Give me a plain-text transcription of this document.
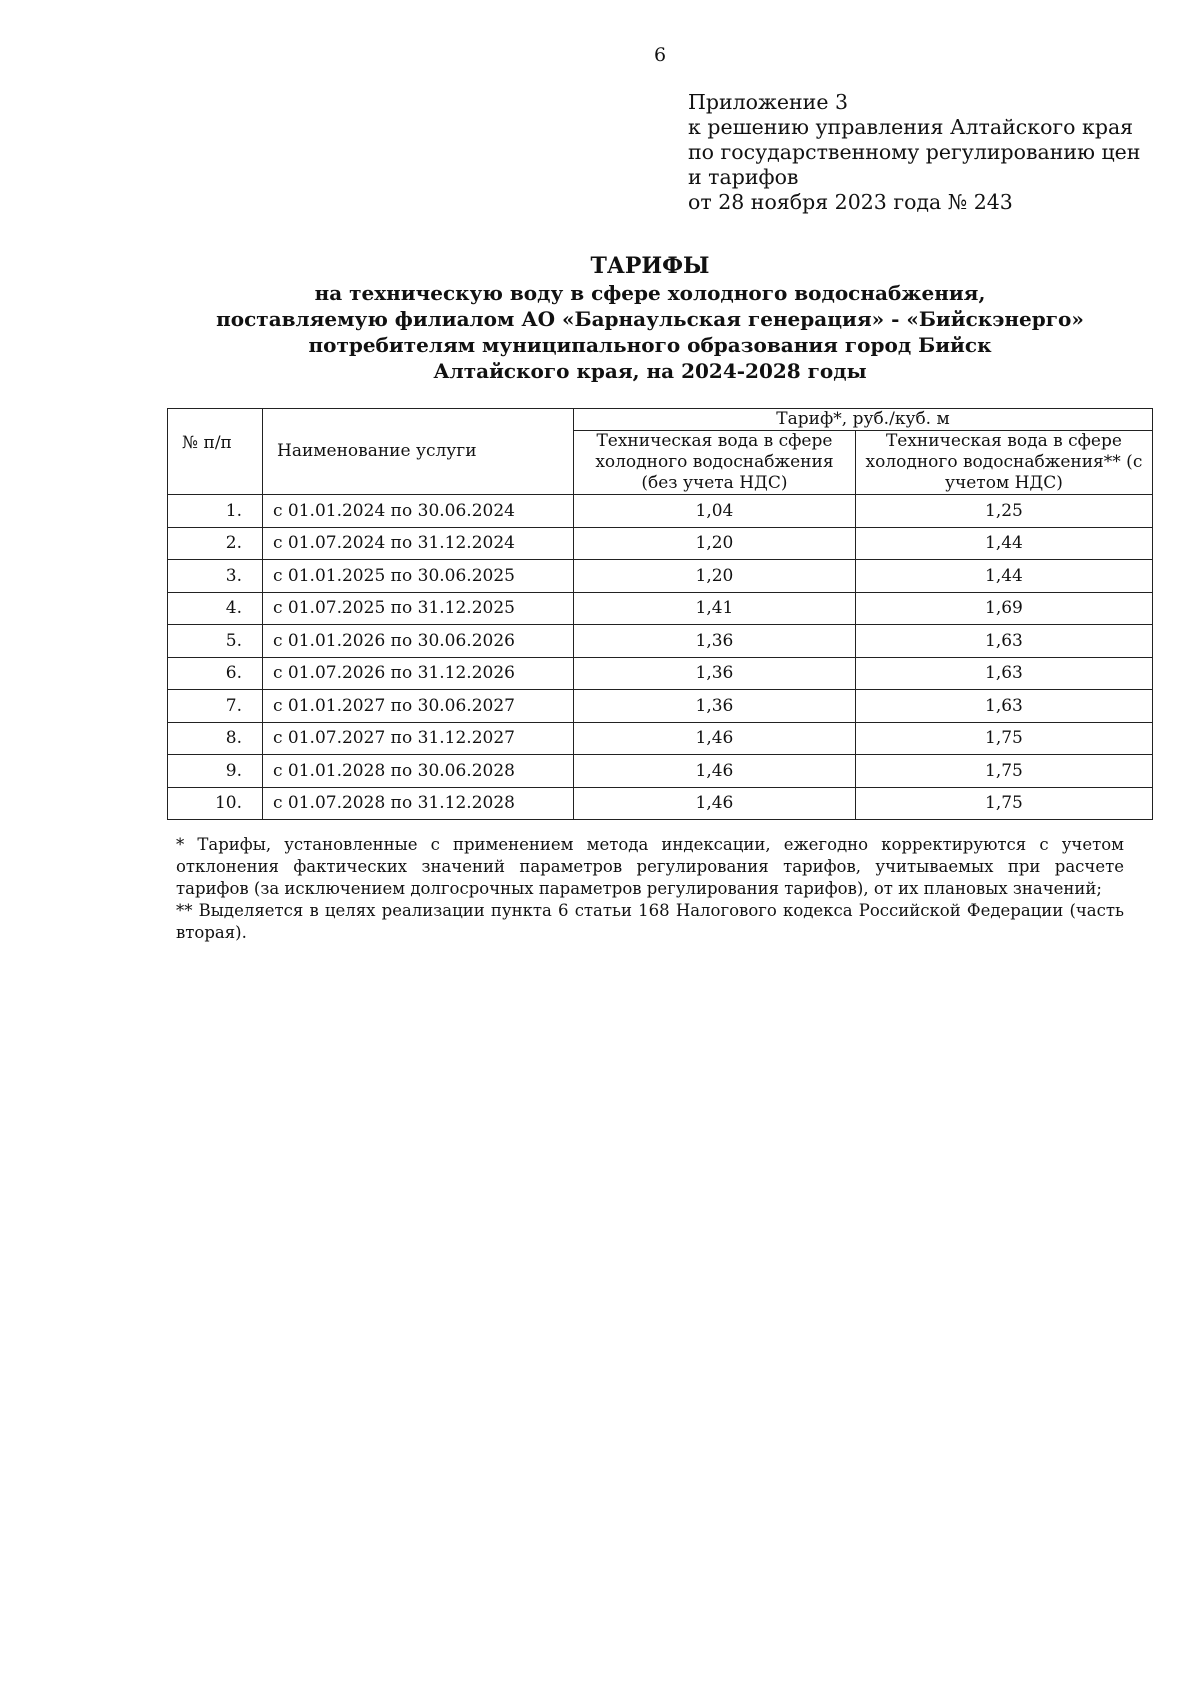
6
Приложение 3
к решению управления Алтайского края
по государственному регулированию цен
и тарифов
от 28 ноября 2023 года № 243
ТАРИФЫ
на техническую воду в сфере холодного водоснабжения,
поставляемую филиалом АО «Барнаульская генерация» - «Бийскэнерго»
потребителям муниципального образования город Бийск
Алтайского края, на 2024-2028 годы
№ п/п	Наименование услуги	Тариф*, руб./куб. м	
		Техническая вода в сфере холодного водоснабжения (без учета НДС)	Техническая вода в сфере холодного водоснабжения** (с учетом НДС)
1.	с 01.01.2024 по 30.06.2024	1,04	1,25
2.	с 01.07.2024 по 31.12.2024	1,20	1,44
3.	с 01.01.2025 по 30.06.2025	1,20	1,44
4.	с 01.07.2025 по 31.12.2025	1,41	1,69
5.	с 01.01.2026 по 30.06.2026	1,36	1,63
6.	с 01.07.2026 по 31.12.2026	1,36	1,63
7.	с 01.01.2027 по 30.06.2027	1,36	1,63
8.	с 01.07.2027 по 31.12.2027	1,46	1,75
9.	с 01.01.2028 по 30.06.2028	1,46	1,75
10.	с 01.07.2028 по 31.12.2028	1,46	1,75

* Тарифы, установленные с применением метода индексации, ежегодно корректируются с учетом отклонения фактических значений параметров регулирования тарифов, учитываемых при расчете тарифов (за исключением долгосрочных параметров регулирования тарифов), от их плановых значений;

** Выделяется в целях реализации пункта 6 статьи 168 Налогового кодекса Российской Федерации (часть вторая).
